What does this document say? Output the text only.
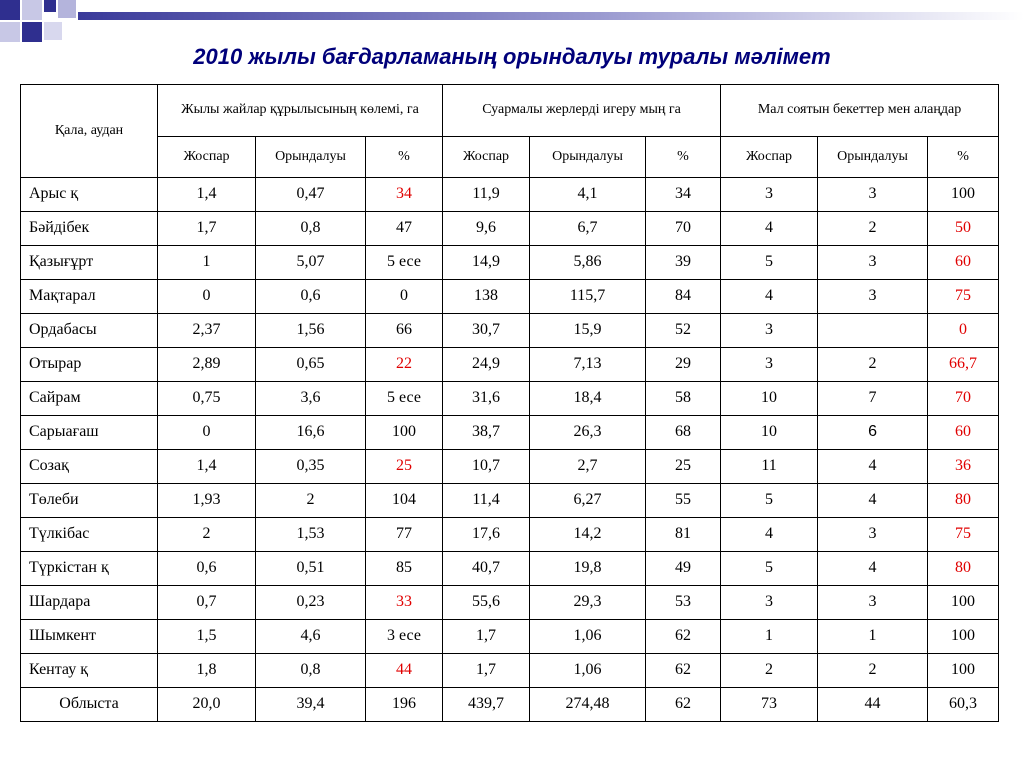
2010 жылы бағдарламаның орындалуы туралы мәлімет
Қала, аудан	Жылы жайлар құрылысының көлемі, га			Суармалы жерлерді игеру мың га			Мал соятын бекеттер мен алаңдар		
	Жоспар	Орындалуы	%	Жоспар	Орындалуы	%	Жоспар	Орындалуы	%
Арыс қ	1,4	0,47	34	11,9	4,1	34	3	3	100
Бәйдібек	1,7	0,8	47	9,6	6,7	70	4	2	50
Қазығұрт	1	5,07	5 есе	14,9	5,86	39	5	3	60
Мақтарал	0	0,6	0	138	115,7	84	4	3	75
Ордабасы	2,37	1,56	66	30,7	15,9	52	3		0
Отырар	2,89	0,65	22	24,9	7,13	29	3	2	66,7
Сайрам	0,75	3,6	5 есе	31,6	18,4	58	10	7	70
Сарыағаш	0	16,6	100	38,7	26,3	68	10	6	60
Созақ	1,4	0,35	25	10,7	2,7	25	11	4	36
Төлеби	1,93	2	104	11,4	6,27	55	5	4	80
Түлкібас	2	1,53	77	17,6	14,2	81	4	3	75
Түркістан қ	0,6	0,51	85	40,7	19,8	49	5	4	80
Шардара	0,7	0,23	33	55,6	29,3	53	3	3	100
Шымкент	1,5	4,6	3 есе	1,7	1,06	62	1	1	100
Кентау қ	1,8	0,8	44	1,7	1,06	62	2	2	100
Облыста	20,0	39,4	196	439,7	274,48	62	73	44	60,3
